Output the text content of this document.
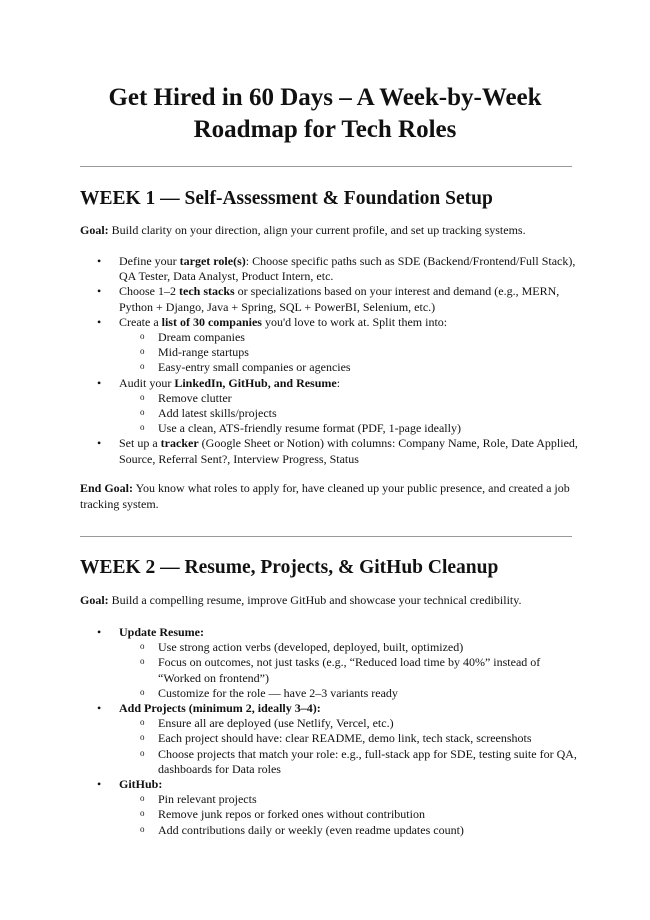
Get Hired in 60 Days – A Week-by-Week
Roadmap for Tech Roles
WEEK 1 — Self-Assessment & Foundation Setup

Goal: Build clarity on your direction, align your current profile, and set up tracking systems.

• Define your target role(s): Choose specific paths such as SDE (Backend/Frontend/Full Stack), QA Tester, Data Analyst, Product Intern, etc.
• Choose 1–2 tech stacks or specializations based on your interest and demand (e.g., MERN, Python + Django, Java + Spring, SQL + PowerBI, Selenium, etc.)
• Create a list of 30 companies you'd love to work at. Split them into:
o Dream companies
o Mid-range startups
o Easy-entry small companies or agencies
• Audit your LinkedIn, GitHub, and Resume:
o Remove clutter
o Add latest skills/projects
o Use a clean, ATS-friendly resume format (PDF, 1-page ideally)
• Set up a tracker (Google Sheet or Notion) with columns: Company Name, Role, Date Applied, Source, Referral Sent?, Interview Progress, Status

End Goal: You know what roles to apply for, have cleaned up your public presence, and created a job tracking system.

WEEK 2 — Resume, Projects, & GitHub Cleanup

Goal: Build a compelling resume, improve GitHub and showcase your technical credibility.

• Update Resume:
o Use strong action verbs (developed, deployed, built, optimized)
o Focus on outcomes, not just tasks (e.g., “Reduced load time by 40%” instead of “Worked on frontend”)
o Customize for the role — have 2–3 variants ready
• Add Projects (minimum 2, ideally 3–4):
o Ensure all are deployed (use Netlify, Vercel, etc.)
o Each project should have: clear README, demo link, tech stack, screenshots
o Choose projects that match your role: e.g., full-stack app for SDE, testing suite for QA, dashboards for Data roles
• GitHub:
o Pin relevant projects
o Remove junk repos or forked ones without contribution
o Add contributions daily or weekly (even readme updates count)
